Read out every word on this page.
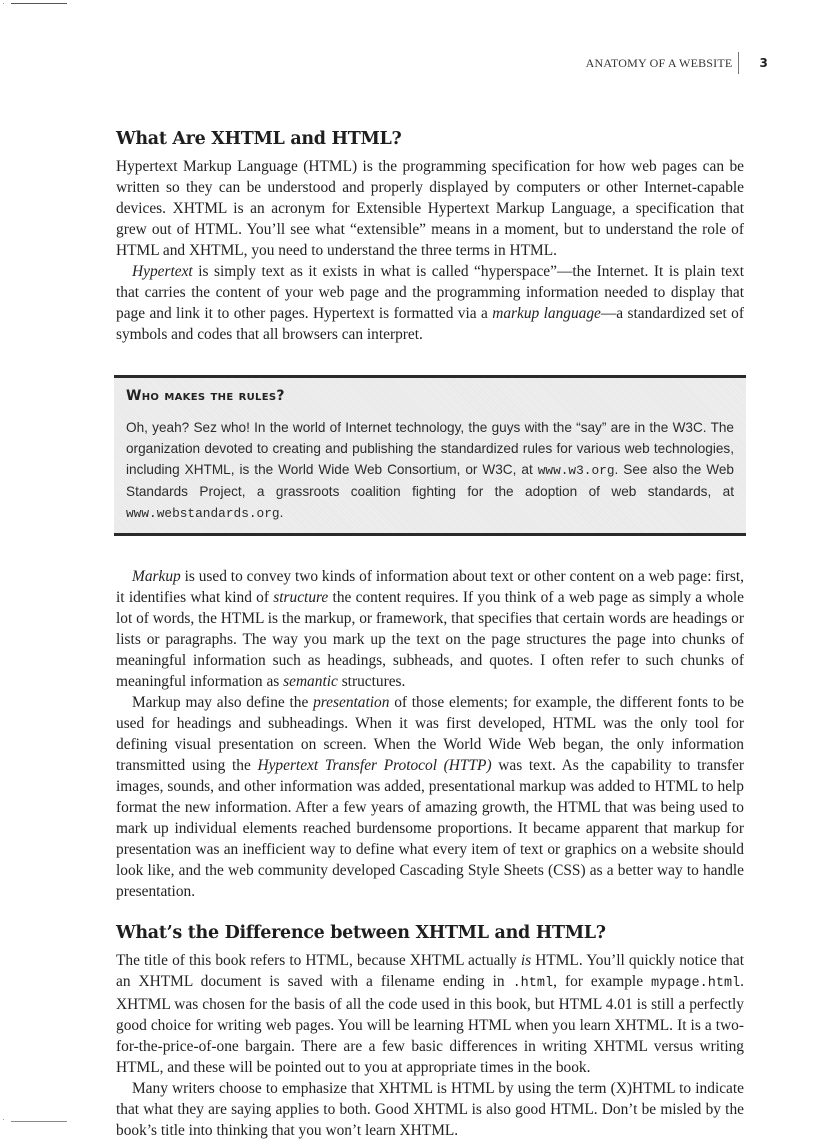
ANATOMY OF A WEBSITE	3
What Are XHTML and HTML?

Hypertext Markup Language (HTML) is the programming specification for how web pages can be written so they can be understood and properly displayed by computers or other Internet-capable devices. XHTML is an acronym for Extensible Hypertext Markup Language, a specification that grew out of HTML. You’ll see what “extensible” means in a moment, but to understand the role of HTML and XHTML, you need to understand the three terms in HTML.

Hypertext is simply text as it exists in what is called “hyperspace”—the Internet. It is plain text that carries the content of your web page and the programming information needed to display that page and link it to other pages. Hypertext is formatted via a markup language—a standardized set of symbols and codes that all browsers can interpret.

Who makes the rules?
Oh, yeah? Sez who! In the world of Internet technology, the guys with the “say” are in the W3C. The organization devoted to creating and publishing the standardized rules for various web technologies, including XHTML, is the World Wide Web Consortium, or W3C, at www.w3.org. See also the Web Standards Project, a grassroots coalition fighting for the adoption of web standards, at www.webstandards.org.

Markup is used to convey two kinds of information about text or other content on a web page: first, it identifies what kind of structure the content requires. If you think of a web page as simply a whole lot of words, the HTML is the markup, or framework, that specifies that certain words are headings or lists or paragraphs. The way you mark up the text on the page structures the page into chunks of meaningful information such as headings, subheads, and quotes. I often refer to such chunks of meaningful information as semantic structures.

Markup may also define the presentation of those elements; for example, the different fonts to be used for headings and subheadings. When it was first developed, HTML was the only tool for defining visual presentation on screen. When the World Wide Web began, the only information transmitted using the Hypertext Transfer Protocol (HTTP) was text. As the capability to transfer images, sounds, and other information was added, presentational markup was added to HTML to help format the new information. After a few years of amazing growth, the HTML that was being used to mark up individual elements reached burdensome proportions. It became apparent that markup for presentation was an inefficient way to define what every item of text or graphics on a website should look like, and the web community developed Cascading Style Sheets (CSS) as a better way to handle presentation.

What’s the Difference between XHTML and HTML?

The title of this book refers to HTML, because XHTML actually is HTML. You’ll quickly notice that an XHTML document is saved with a filename ending in .html, for example mypage.html. XHTML was chosen for the basis of all the code used in this book, but HTML 4.01 is still a perfectly good choice for writing web pages. You will be learning HTML when you learn XHTML. It is a two-for-the-price-of-one bargain. There are a few basic differences in writing XHTML versus writing HTML, and these will be pointed out to you at appropriate times in the book.

Many writers choose to emphasize that XHTML is HTML by using the term (X)HTML to indicate that what they are saying applies to both. Good XHTML is also good HTML. Don’t be misled by the book’s title into thinking that you won’t learn XHTML.
